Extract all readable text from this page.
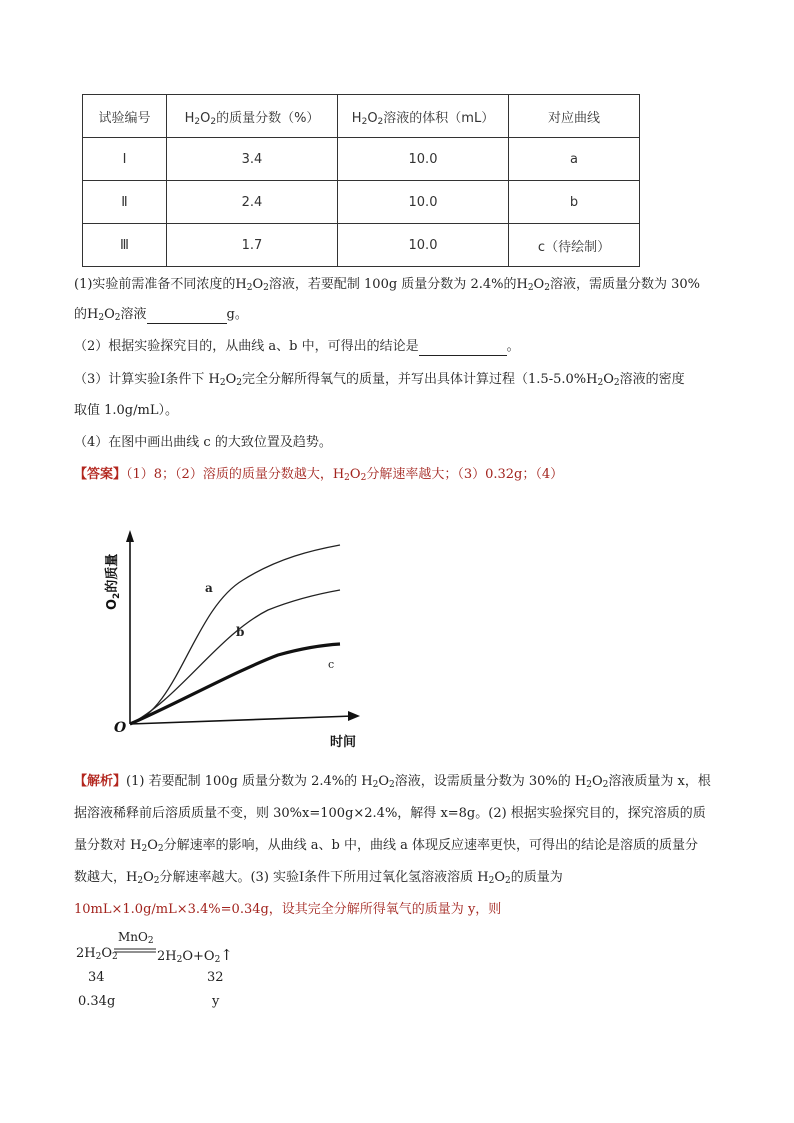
试验编号	$H_2O_2$的质量分数（%）	$H_2O_2$溶液的体积（mL）	对应曲线
Ⅰ	3.4	10.0	a
Ⅱ	2.4	10.0	b
Ⅲ	1.7	10.0	c（待绘制）
(1)实验前需准备不同浓度的$H_2O_2$溶液，若要配制 100g 质量分数为 2.4%的$H_2O_2$溶液，需质量分数为 30%
的$H_2O_2$溶液	g。
（2）根据实验探究目的，从曲线 a、b 中，可得出的结论是	。
（3）计算实验Ⅰ条件下 $H_2O_2$完全分解所得氧气的质量，并写出具体计算过程（$1.5-5.0\%H_2O_2$溶液的密度
取值 1.0g/mL）。
（4）在图中画出曲线 c 的大致位置及趋势。
【答案】（1）8；（2）溶质的质量分数越大，$H_2O_2$分解速率越大；（3）0.32g；（4）
a
b
c
O
时间
$O_2$的质量
【解析】(1) 若要配制 100g 质量分数为 2.4%的 $H_2O_2$溶液，设需质量分数为 30%的 $H_2O_2$溶液质量为 x，根
据溶液稀释前后溶质质量不变，则 30%x=100g×2.4%，解得 x=8g。(2) 根据实验探究目的，探究溶质的质
量分数对 $H_2O_2$分解速率的影响，从曲线 a、b 中，曲线 a 体现反应速率更快，可得出的结论是溶质的质量分
数越大，$H_2O_2$分解速率越大。(3) 实验Ⅰ条件下所用过氧化氢溶液溶质 $H_2O_2$的质量为
10mL×1.0g/mL×3.4%=0.34g，设其完全分解所得氧气的质量为 y，则
MnO$_2$
$2H_2O_2$	$2H_2O+O_2↑$
34	32
0.34g	y
